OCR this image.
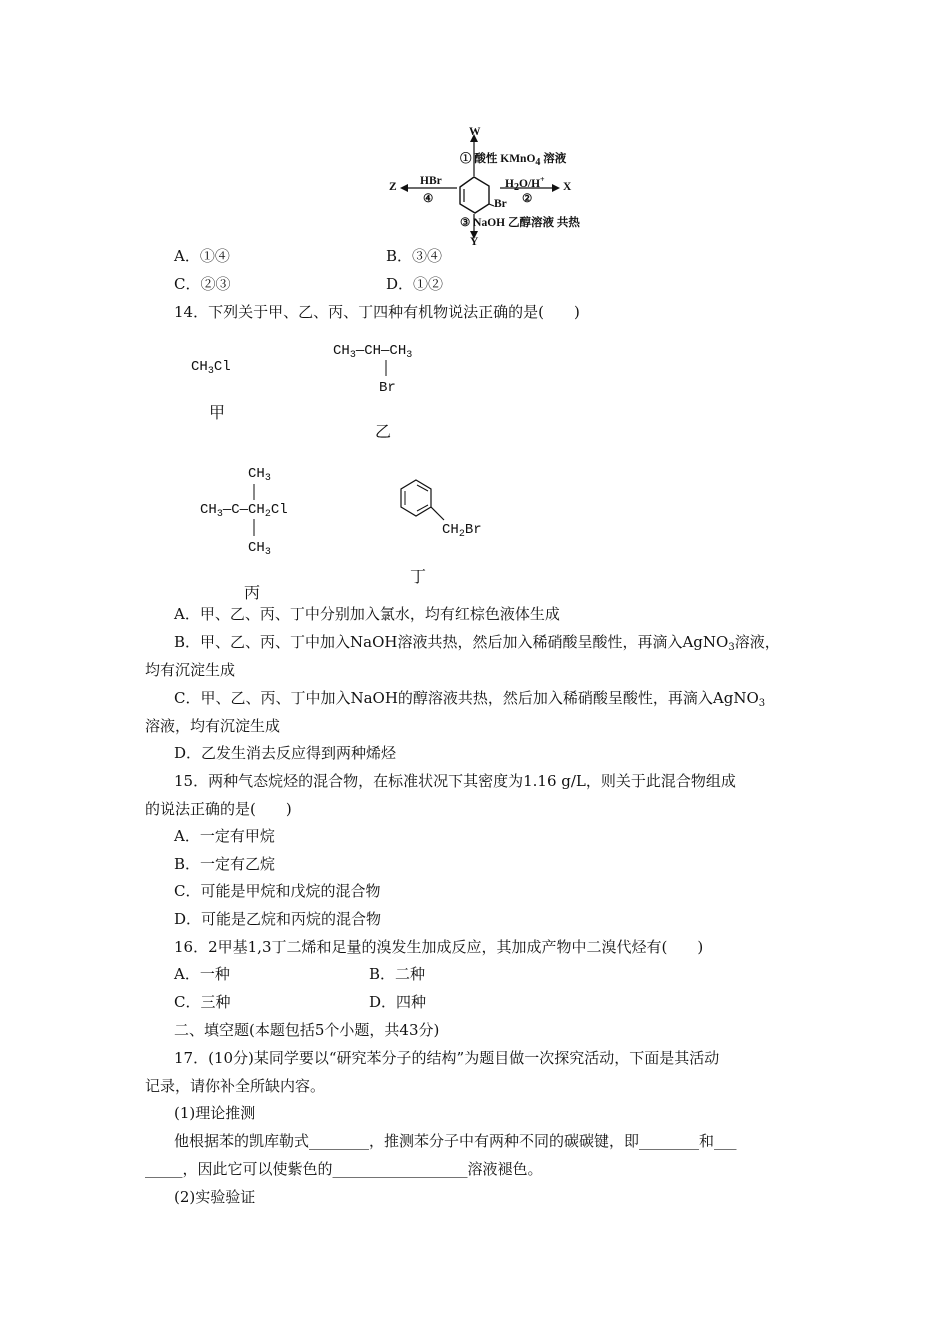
W
① 酸性 KMnO$_4$ 溶液
Z HBr
④
$H_2O/H^+$
②
X
Br
③ NaOH 乙醇溶液 共热
Y
A．①④	B．③④
C．②③	D．①②
14．下列关于甲、乙、丙、丁四种有机物说法正确的是(　　)
$CH_3Cl$
甲
$CH_3—CH—CH_3$
Br
乙
$CH_3$
$CH_3—C—CH_2Cl$
$CH_3$
丙
$CH_2Br$
丁
A．甲、乙、丙、丁中分别加入氯水，均有红棕色液体生成
B．甲、乙、丙、丁中加入NaOH溶液共热，然后加入稀硝酸呈酸性，再滴入AgNO$_3$溶液，
均有沉淀生成
C．甲、乙、丙、丁中加入NaOH的醇溶液共热，然后加入稀硝酸呈酸性，再滴入AgNO$_3$
溶液，均有沉淀生成
D．乙发生消去反应得到两种烯烃
15．两种气态烷烃的混合物，在标准状况下其密度为1.16 g/L，则关于此混合物组成
的说法正确的是(　　)
A．一定有甲烷
B．一定有乙烷
C．可能是甲烷和戊烷的混合物
D．可能是乙烷和丙烷的混合物
16．2甲基1,3丁二烯和足量的溴发生加成反应，其加成产物中二溴代烃有(　　)
A．一种	B．二种
C．三种	D．四种
二、填空题(本题包括5个小题，共43分)
17．(10分)某同学要以“研究苯分子的结构”为题目做一次探究活动，下面是其活动
记录，请你补全所缺内容。
(1)理论推测
他根据苯的凯库勒式________，推测苯分子中有两种不同的碳碳键，即________和___
_____，因此它可以使紫色的__________________溶液褪色。
(2)实验验证
